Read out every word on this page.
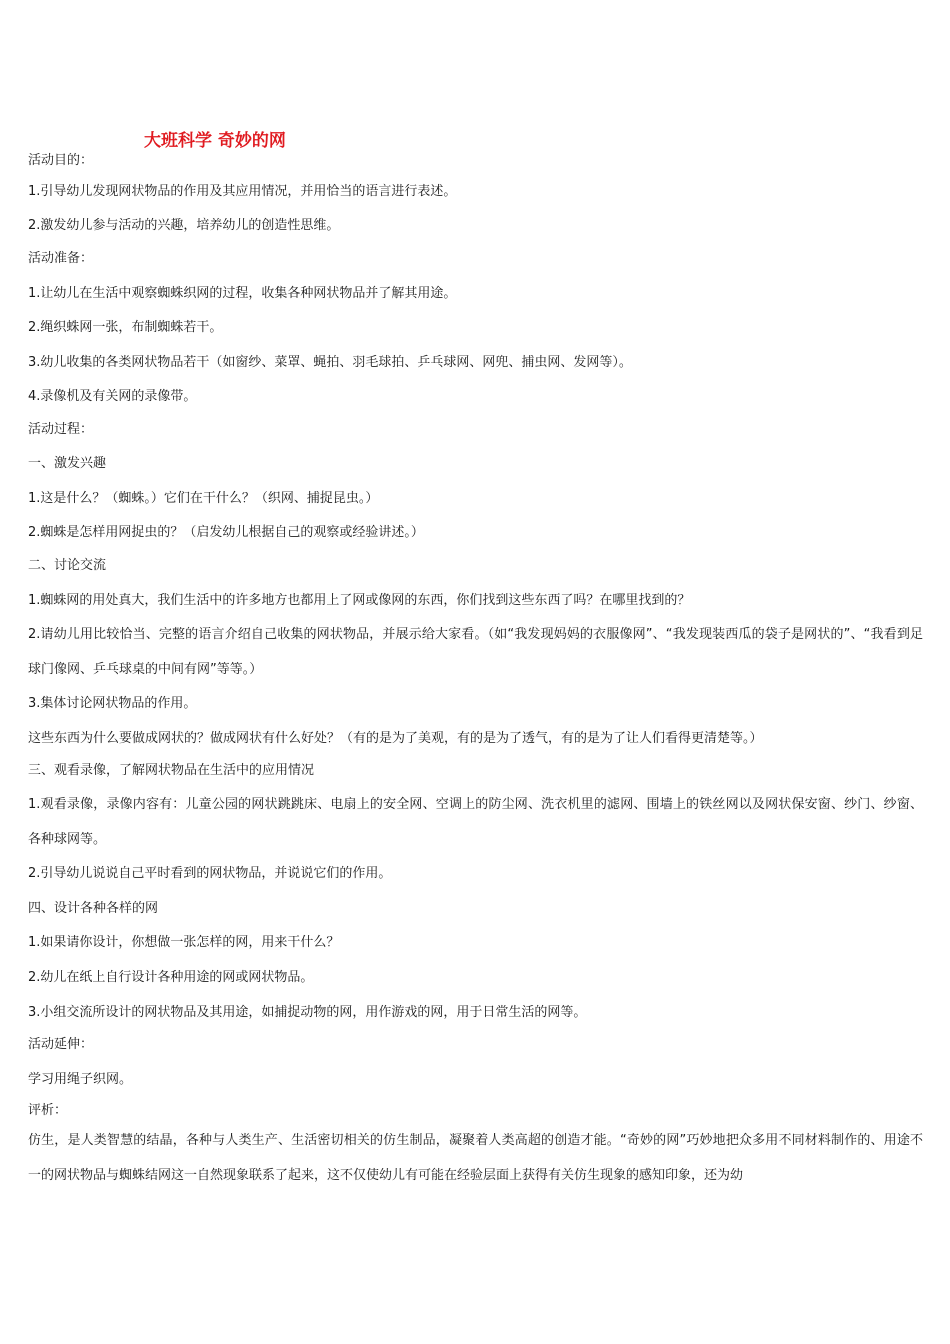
大班科学 奇妙的网
活动目的：
1.引导幼儿发现网状物品的作用及其应用情况，并用恰当的语言进行表述。
2.激发幼儿参与活动的兴趣，培养幼儿的创造性思维。
活动准备：
1.让幼儿在生活中观察蜘蛛织网的过程，收集各种网状物品并了解其用途。
2.绳织蛛网一张，布制蜘蛛若干。
3.幼儿收集的各类网状物品若干（如窗纱、菜罩、蝇拍、羽毛球拍、乒乓球网、网兜、捕虫网、发网等）。
4.录像机及有关网的录像带。
活动过程：
一、激发兴趣
1.这是什么？（蜘蛛。）它们在干什么？（织网、捕捉昆虫。）
2.蜘蛛是怎样用网捉虫的？（启发幼儿根据自己的观察或经验讲述。）
二、讨论交流
1.蜘蛛网的用处真大，我们生活中的许多地方也都用上了网或像网的东西，你们找到这些东西了吗？在哪里找到的？
2.请幼儿用比较恰当、完整的语言介绍自己收集的网状物品，并展示给大家看。（如“我发现妈妈的衣服像网”、“我发现装西瓜的袋子是网状的”、“我看到足球门像网、乒乓球桌的中间有网”等等。）
3.集体讨论网状物品的作用。
这些东西为什么要做成网状的？做成网状有什么好处？（有的是为了美观，有的是为了透气，有的是为了让人们看得更清楚等。）
三、观看录像，了解网状物品在生活中的应用情况
1.观看录像，录像内容有：儿童公园的网状跳跳床、电扇上的安全网、空调上的防尘网、洗衣机里的滤网、围墙上的铁丝网以及网状保安窗、纱门、纱窗、各种球网等。
2.引导幼儿说说自己平时看到的网状物品，并说说它们的作用。
四、设计各种各样的网
1.如果请你设计，你想做一张怎样的网，用来干什么？
2.幼儿在纸上自行设计各种用途的网或网状物品。
3.小组交流所设计的网状物品及其用途，如捕捉动物的网，用作游戏的网，用于日常生活的网等。
活动延伸：
学习用绳子织网。
评析：
仿生，是人类智慧的结晶，各种与人类生产、生活密切相关的仿生制品，凝聚着人类高超的创造才能。“奇妙的网”巧妙地把众多用不同材料制作的、用途不一的网状物品与蜘蛛结网这一自然现象联系了起来，这不仅使幼儿有可能在经验层面上获得有关仿生现象的感知印象，还为幼
